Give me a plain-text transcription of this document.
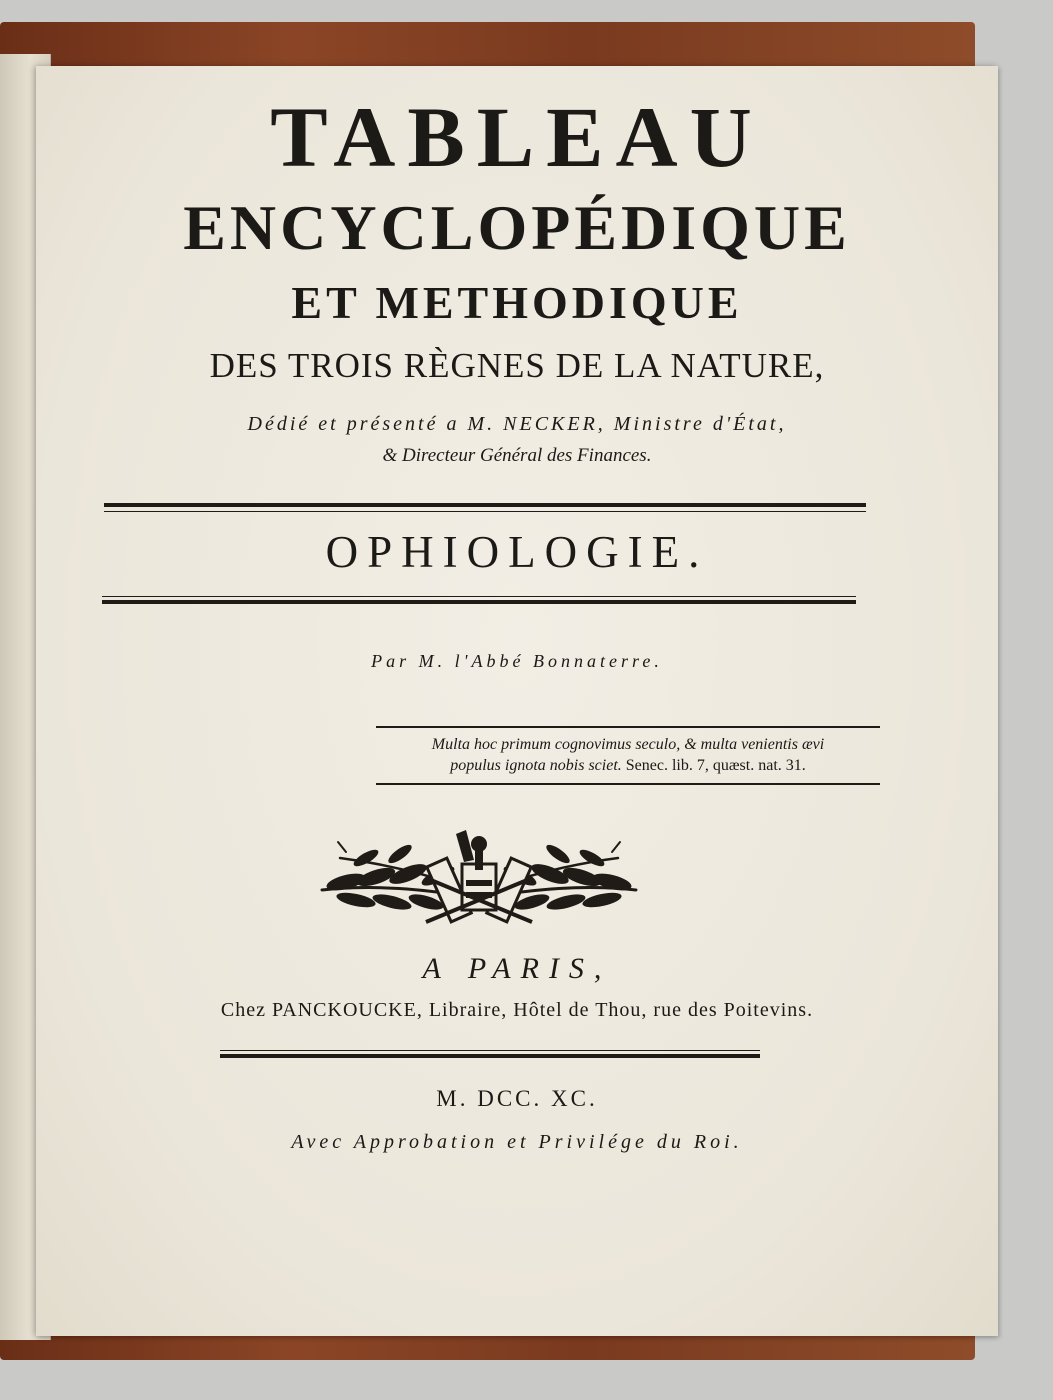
TABLEAU

ENCYCLOPÉDIQUE

ET METHODIQUE

DES TROIS RÈGNES DE LA NATURE,

Dédié et présenté a M. NECKER, Ministre d'État,

& Directeur Général des Finances.

OPHIOLOGIE.

Par M. l'Abbé Bonnaterre.

Multa hoc primum cognovimus seculo, & multa venientis ævi

populus ignota nobis sciet. Senec. lib. 7, quæst. nat. 31.

A PARIS,

Chez PANCKOUCKE, Libraire, Hôtel de Thou, rue des Poitevins.

M. DCC. XC.

Avec Approbation et Privilége du Roi.
